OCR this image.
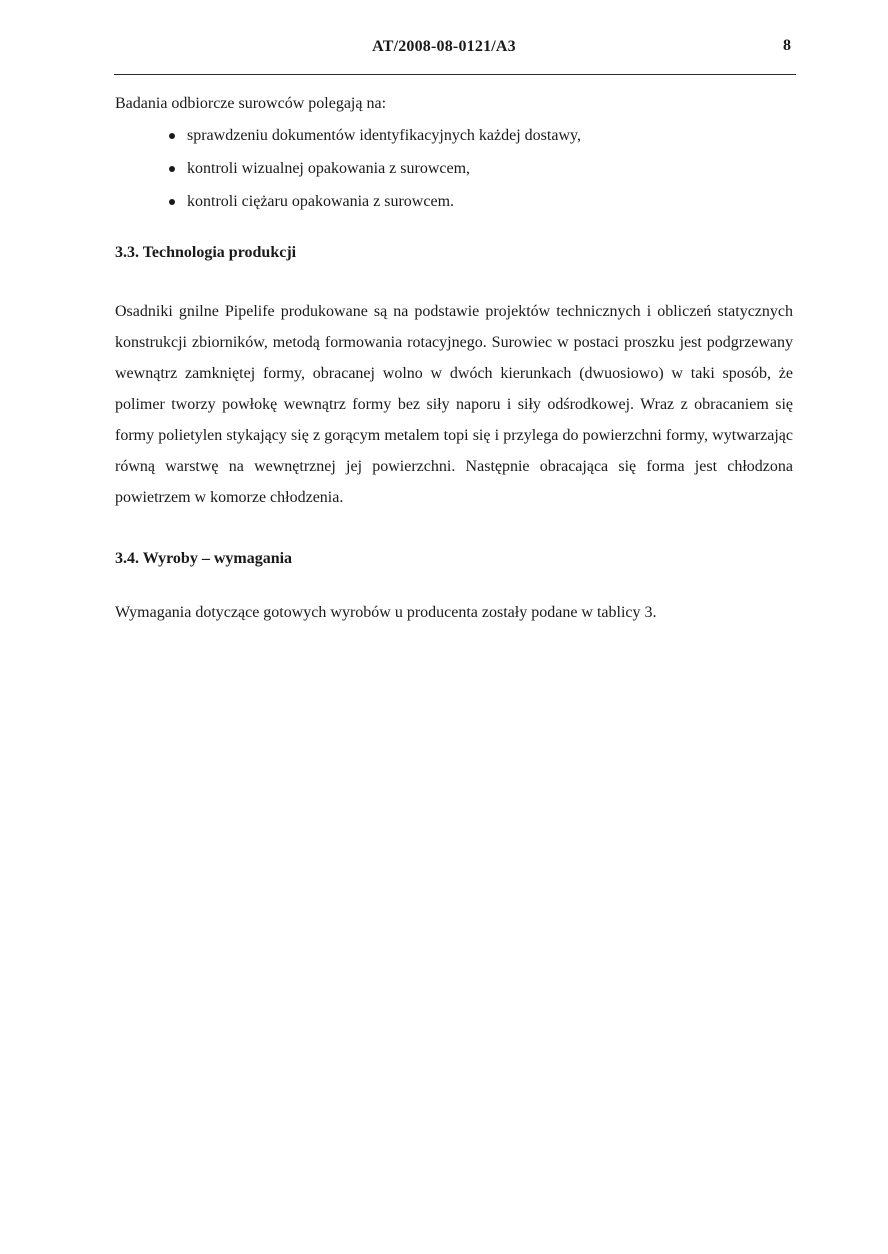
AT/2008-08-0121/A3	8

Badania odbiorcze surowców polegają na:

sprawdzeniu dokumentów identyfikacyjnych każdej dostawy,
kontroli wizualnej opakowania z surowcem,
kontroli ciężaru opakowania z surowcem.
3.3. Technologia produkcji

Osadniki gnilne Pipelife produkowane są na podstawie projektów technicznych i obliczeń statycznych konstrukcji zbiorników, metodą formowania rotacyjnego. Surowiec w postaci proszku jest podgrzewany wewnątrz zamkniętej formy, obracanej wolno w dwóch kierunkach (dwuosiowo) w taki sposób, że polimer tworzy powłokę wewnątrz formy bez siły naporu i siły odśrodkowej. Wraz z obracaniem się formy polietylen stykający się z gorącym metalem topi się i przylega do powierzchni formy, wytwarzając równą warstwę na wewnętrznej jej powierzchni. Następnie obracająca się forma jest chłodzona powietrzem w komorze chłodzenia.

3.4. Wyroby – wymagania

Wymagania dotyczące gotowych wyrobów u producenta zostały podane w tablicy 3.
